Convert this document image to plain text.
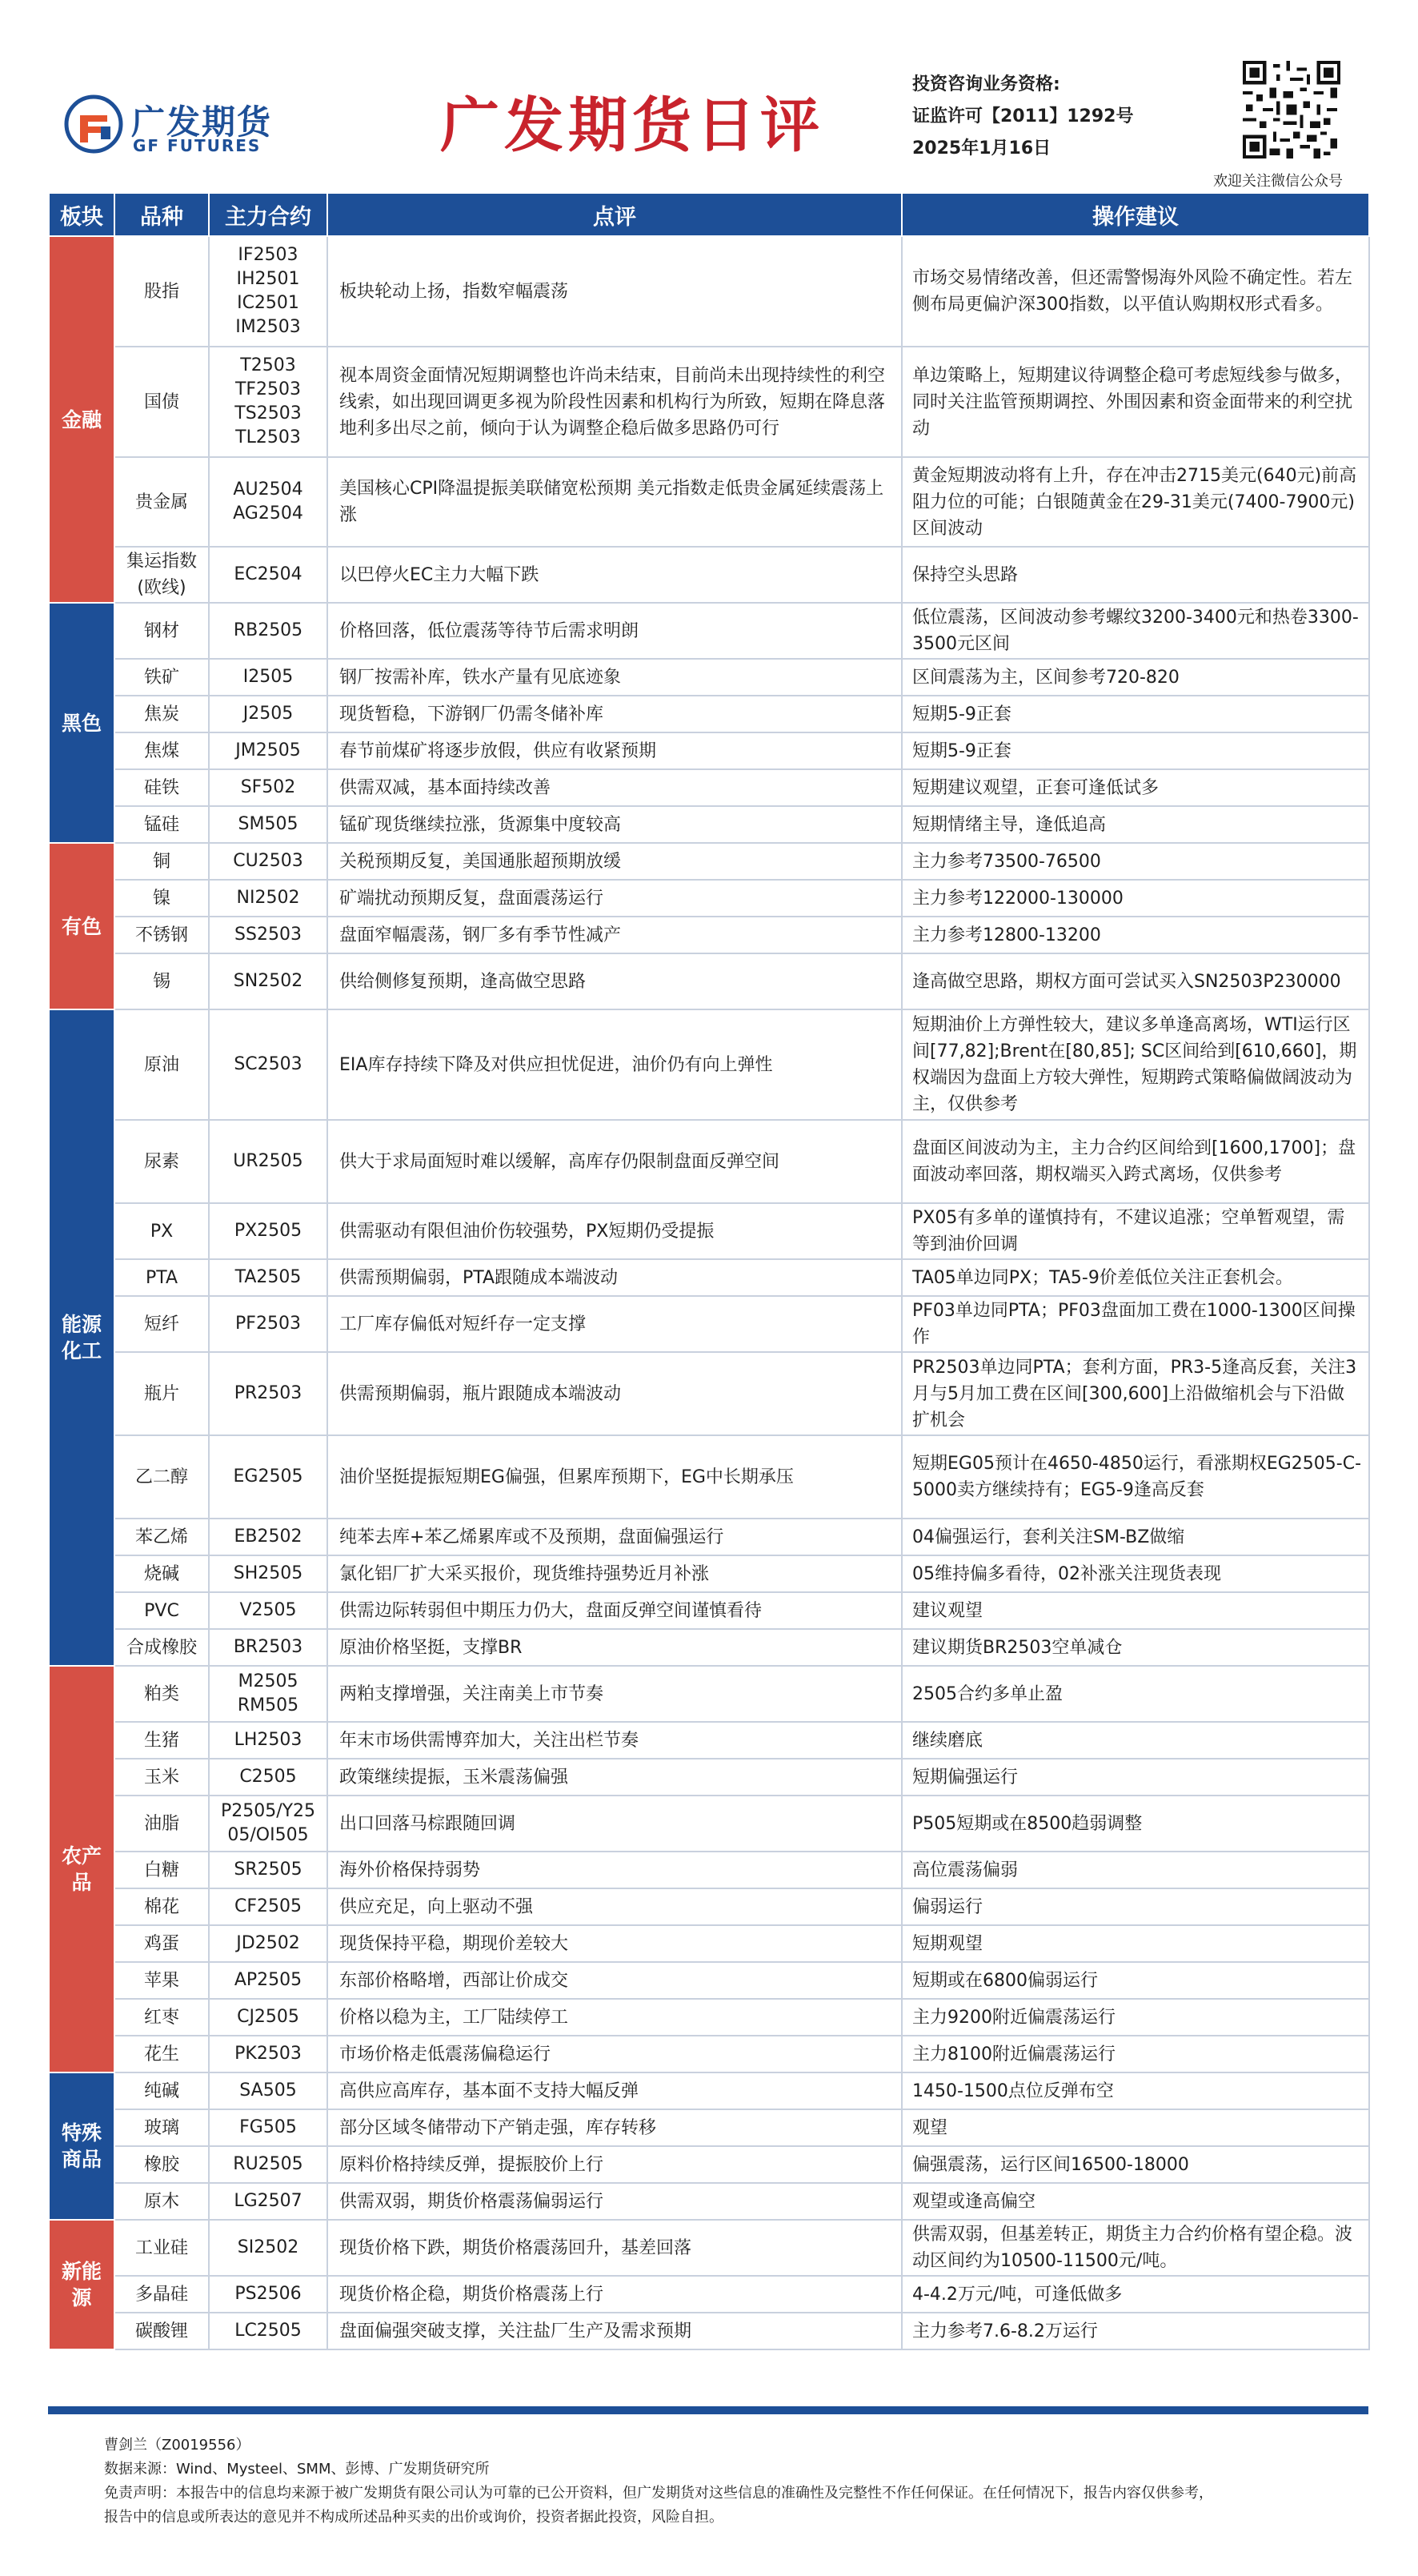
广发期货
GF FUTURES	广发期货日评
投资咨询业务资格:
证监许可【2011】1292号
2025年1月16日
欢迎关注微信公众号
板块	品种	主力合约	点评	操作建议
金融	股指	IF2503
IH2501
IC2501
IM2503	板块轮动上扬，指数窄幅震荡	市场交易情绪改善，但还需警惕海外风险不确定性。若左侧布局更偏沪深300指数，以平值认购期权形式看多。
	国债	T2503
TF2503
TS2503
TL2503	视本周资金面情况短期调整也许尚未结束，目前尚未出现持续性的利空线索，如出现回调更多视为阶段性因素和机构行为所致，短期在降息落地利多出尽之前，倾向于认为调整企稳后做多思路仍可行	单边策略上，短期建议待调整企稳可考虑短线参与做多，同时关注监管预期调控、外围因素和资金面带来的利空扰动
	贵金属	AU2504
AG2504	美国核心CPI降温提振美联储宽松预期 美元指数走低贵金属延续震荡上涨	黄金短期波动将有上升，存在冲击2715美元(640元)前高阻力位的可能；白银随黄金在29-31美元(7400-7900元)区间波动
	集运指数
(欧线)	EC2504	以巴停火EC主力大幅下跌	保持空头思路
黑色	钢材	RB2505	价格回落，低位震荡等待节后需求明朗	低位震荡，区间波动参考螺纹3200-3400元和热卷3300-3500元区间
	铁矿	I2505	钢厂按需补库，铁水产量有见底迹象	区间震荡为主，区间参考720-820
	焦炭	J2505	现货暂稳，下游钢厂仍需冬储补库	短期5-9正套
	焦煤	JM2505	春节前煤矿将逐步放假，供应有收紧预期	短期5-9正套
	硅铁	SF502	供需双减，基本面持续改善	短期建议观望，正套可逢低试多
	锰硅	SM505	锰矿现货继续拉涨，货源集中度较高	短期情绪主导，逢低追高
有色	铜	CU2503	关税预期反复，美国通胀超预期放缓	主力参考73500-76500
	镍	NI2502	矿端扰动预期反复，盘面震荡运行	主力参考122000-130000
	不锈钢	SS2503	盘面窄幅震荡，钢厂多有季节性减产	主力参考12800-13200
	锡	SN2502	供给侧修复预期，逢高做空思路	逢高做空思路，期权方面可尝试买入SN2503P230000
能源
化工	原油	SC2503	EIA库存持续下降及对供应担忧促进，油价仍有向上弹性	短期油价上方弹性较大，建议多单逢高离场，WTI运行区间[77,82];Brent在[80,85]; SC区间给到[610,660]，期权端因为盘面上方较大弹性，短期跨式策略偏做阔波动为主，仅供参考
	尿素	UR2505	供大于求局面短时难以缓解，高库存仍限制盘面反弹空间	盘面区间波动为主，主力合约区间给到[1600,1700]；盘面波动率回落，期权端买入跨式离场，仅供参考
	PX	PX2505	供需驱动有限但油价伤较强势，PX短期仍受提振	PX05有多单的谨慎持有，不建议追涨；空单暂观望，需等到油价回调
	PTA	TA2505	供需预期偏弱，PTA跟随成本端波动	TA05单边同PX；TA5-9价差低位关注正套机会。
	短纤	PF2503	工厂库存偏低对短纤存一定支撑	PF03单边同PTA；PF03盘面加工费在1000-1300区间操作
	瓶片	PR2503	供需预期偏弱，瓶片跟随成本端波动	PR2503单边同PTA；套利方面，PR3-5逢高反套，关注3月与5月加工费在区间[300,600]上沿做缩机会与下沿做扩机会
	乙二醇	EG2505	油价坚挺提振短期EG偏强，但累库预期下，EG中长期承压	短期EG05预计在4650-4850运行，看涨期权EG2505-C-5000卖方继续持有；EG5-9逢高反套
	苯乙烯	EB2502	纯苯去库+苯乙烯累库或不及预期，盘面偏强运行	04偏强运行，套利关注SM-BZ做缩
	烧碱	SH2505	氯化铝厂扩大采买报价，现货维持强势近月补涨	05维持偏多看待，02补涨关注现货表现
	PVC	V2505	供需边际转弱但中期压力仍大，盘面反弹空间谨慎看待	建议观望
	合成橡胶	BR2503	原油价格坚挺，支撑BR	建议期货BR2503空单减仓
农产品	粕类	M2505
RM505	两粕支撑增强，关注南美上市节奏	2505合约多单止盈
	生猪	LH2503	年末市场供需博弈加大，关注出栏节奏	继续磨底
	玉米	C2505	政策继续提振，玉米震荡偏强	短期偏强运行
	油脂	P2505/Y25
05/OI505	出口回落马棕跟随回调	P505短期或在8500趋弱调整
	白糖	SR2505	海外价格保持弱势	高位震荡偏弱
	棉花	CF2505	供应充足，向上驱动不强	偏弱运行
	鸡蛋	JD2502	现货保持平稳，期现价差较大	短期观望
	苹果	AP2505	东部价格略增，西部让价成交	短期或在6800偏弱运行
	红枣	CJ2505	价格以稳为主，工厂陆续停工	主力9200附近偏震荡运行
	花生	PK2503	市场价格走低震荡偏稳运行	主力8100附近偏震荡运行
特殊
商品	纯碱	SA505	高供应高库存，基本面不支持大幅反弹	1450-1500点位反弹布空
	玻璃	FG505	部分区域冬储带动下产销走强，库存转移	观望
	橡胶	RU2505	原料价格持续反弹，提振胶价上行	偏强震荡，运行区间16500-18000
	原木	LG2507	供需双弱，期货价格震荡偏弱运行	观望或逢高偏空
新能源	工业硅	SI2502	现货价格下跌，期货价格震荡回升，基差回落	供需双弱，但基差转正，期货主力合约价格有望企稳。波动区间约为10500-11500元/吨。
	多晶硅	PS2506	现货价格企稳，期货价格震荡上行	4-4.2万元/吨，可逢低做多
	碳酸锂	LC2505	盘面偏强突破支撑，关注盐厂生产及需求预期	主力参考7.6-8.2万运行
曹剑兰（Z0019556）
数据来源：Wind、Mysteel、SMM、彭博、广发期货研究所
免责声明：本报告中的信息均来源于被广发期货有限公司认为可靠的已公开资料，但广发期货对这些信息的准确性及完整性不作任何保证。在任何情况下，报告内容仅供参考，
报告中的信息或所表达的意见并不构成所述品种买卖的出价或询价，投资者据此投资，风险自担。
